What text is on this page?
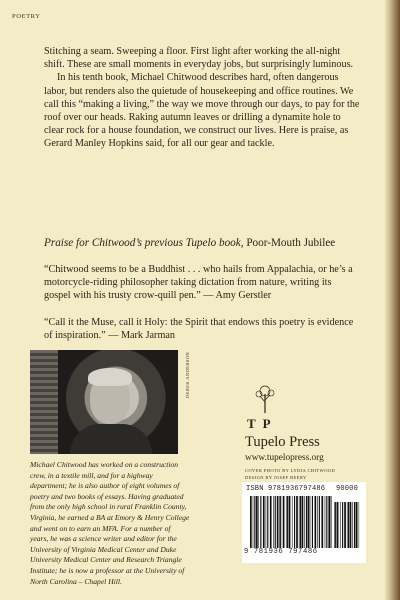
POETRY

Stitching a seam. Sweeping a floor. First light after working the all-night shift. These are small moments in everyday jobs, but surprisingly luminous.

In his tenth book, Michael Chitwood describes hard, often dangerous labor, but renders also the quietude of housekeeping and office routines. We call this “making a living,” the way we move through our days, to pay for the roof over our heads. Raking autumn leaves or drilling a dynamite hole to clear rock for a house foundation, we construct our lives. Here is praise, as Gerard Manley Hopkins said, for all our gear and tackle.

Praise for Chitwood’s previous Tupelo book, Poor-Mouth Jubilee
“Chitwood seems to be a Buddhist . . . who hails from Appalachia, or he’s a motorcycle-riding philosopher taking dictation from nature, writing its gospel with his trusty crow-quill pen.” — Amy Gerstler
“Call it the Muse, call it Holy: the Spirit that endows this poetry is evidence of inspiration.” — Mark Jarman
DEREK ANDERSON
Michael Chitwood has worked on a construction crew, in a textile mill, and for a highway department; he is also author of eight volumes of poetry and two books of essays. Having graduated from the only high school in rural Franklin County, Virginia, he earned a BA at Emory & Henry College and went on to earn an MFA. For a number of years, he was a science writer and editor for the University of Virginia Medical Center and Duke University Medical Center and Research Triangle Institute; he is now a professor at the University of North Carolina – Chapel Hill.
T P
Tupelo Press
www.tupelopress.org
COVER PHOTO BY LYDIA CHITWOOD
DESIGN BY JOSEF BEERY
ISBN 9781936797486 90000
9 781936 797486
